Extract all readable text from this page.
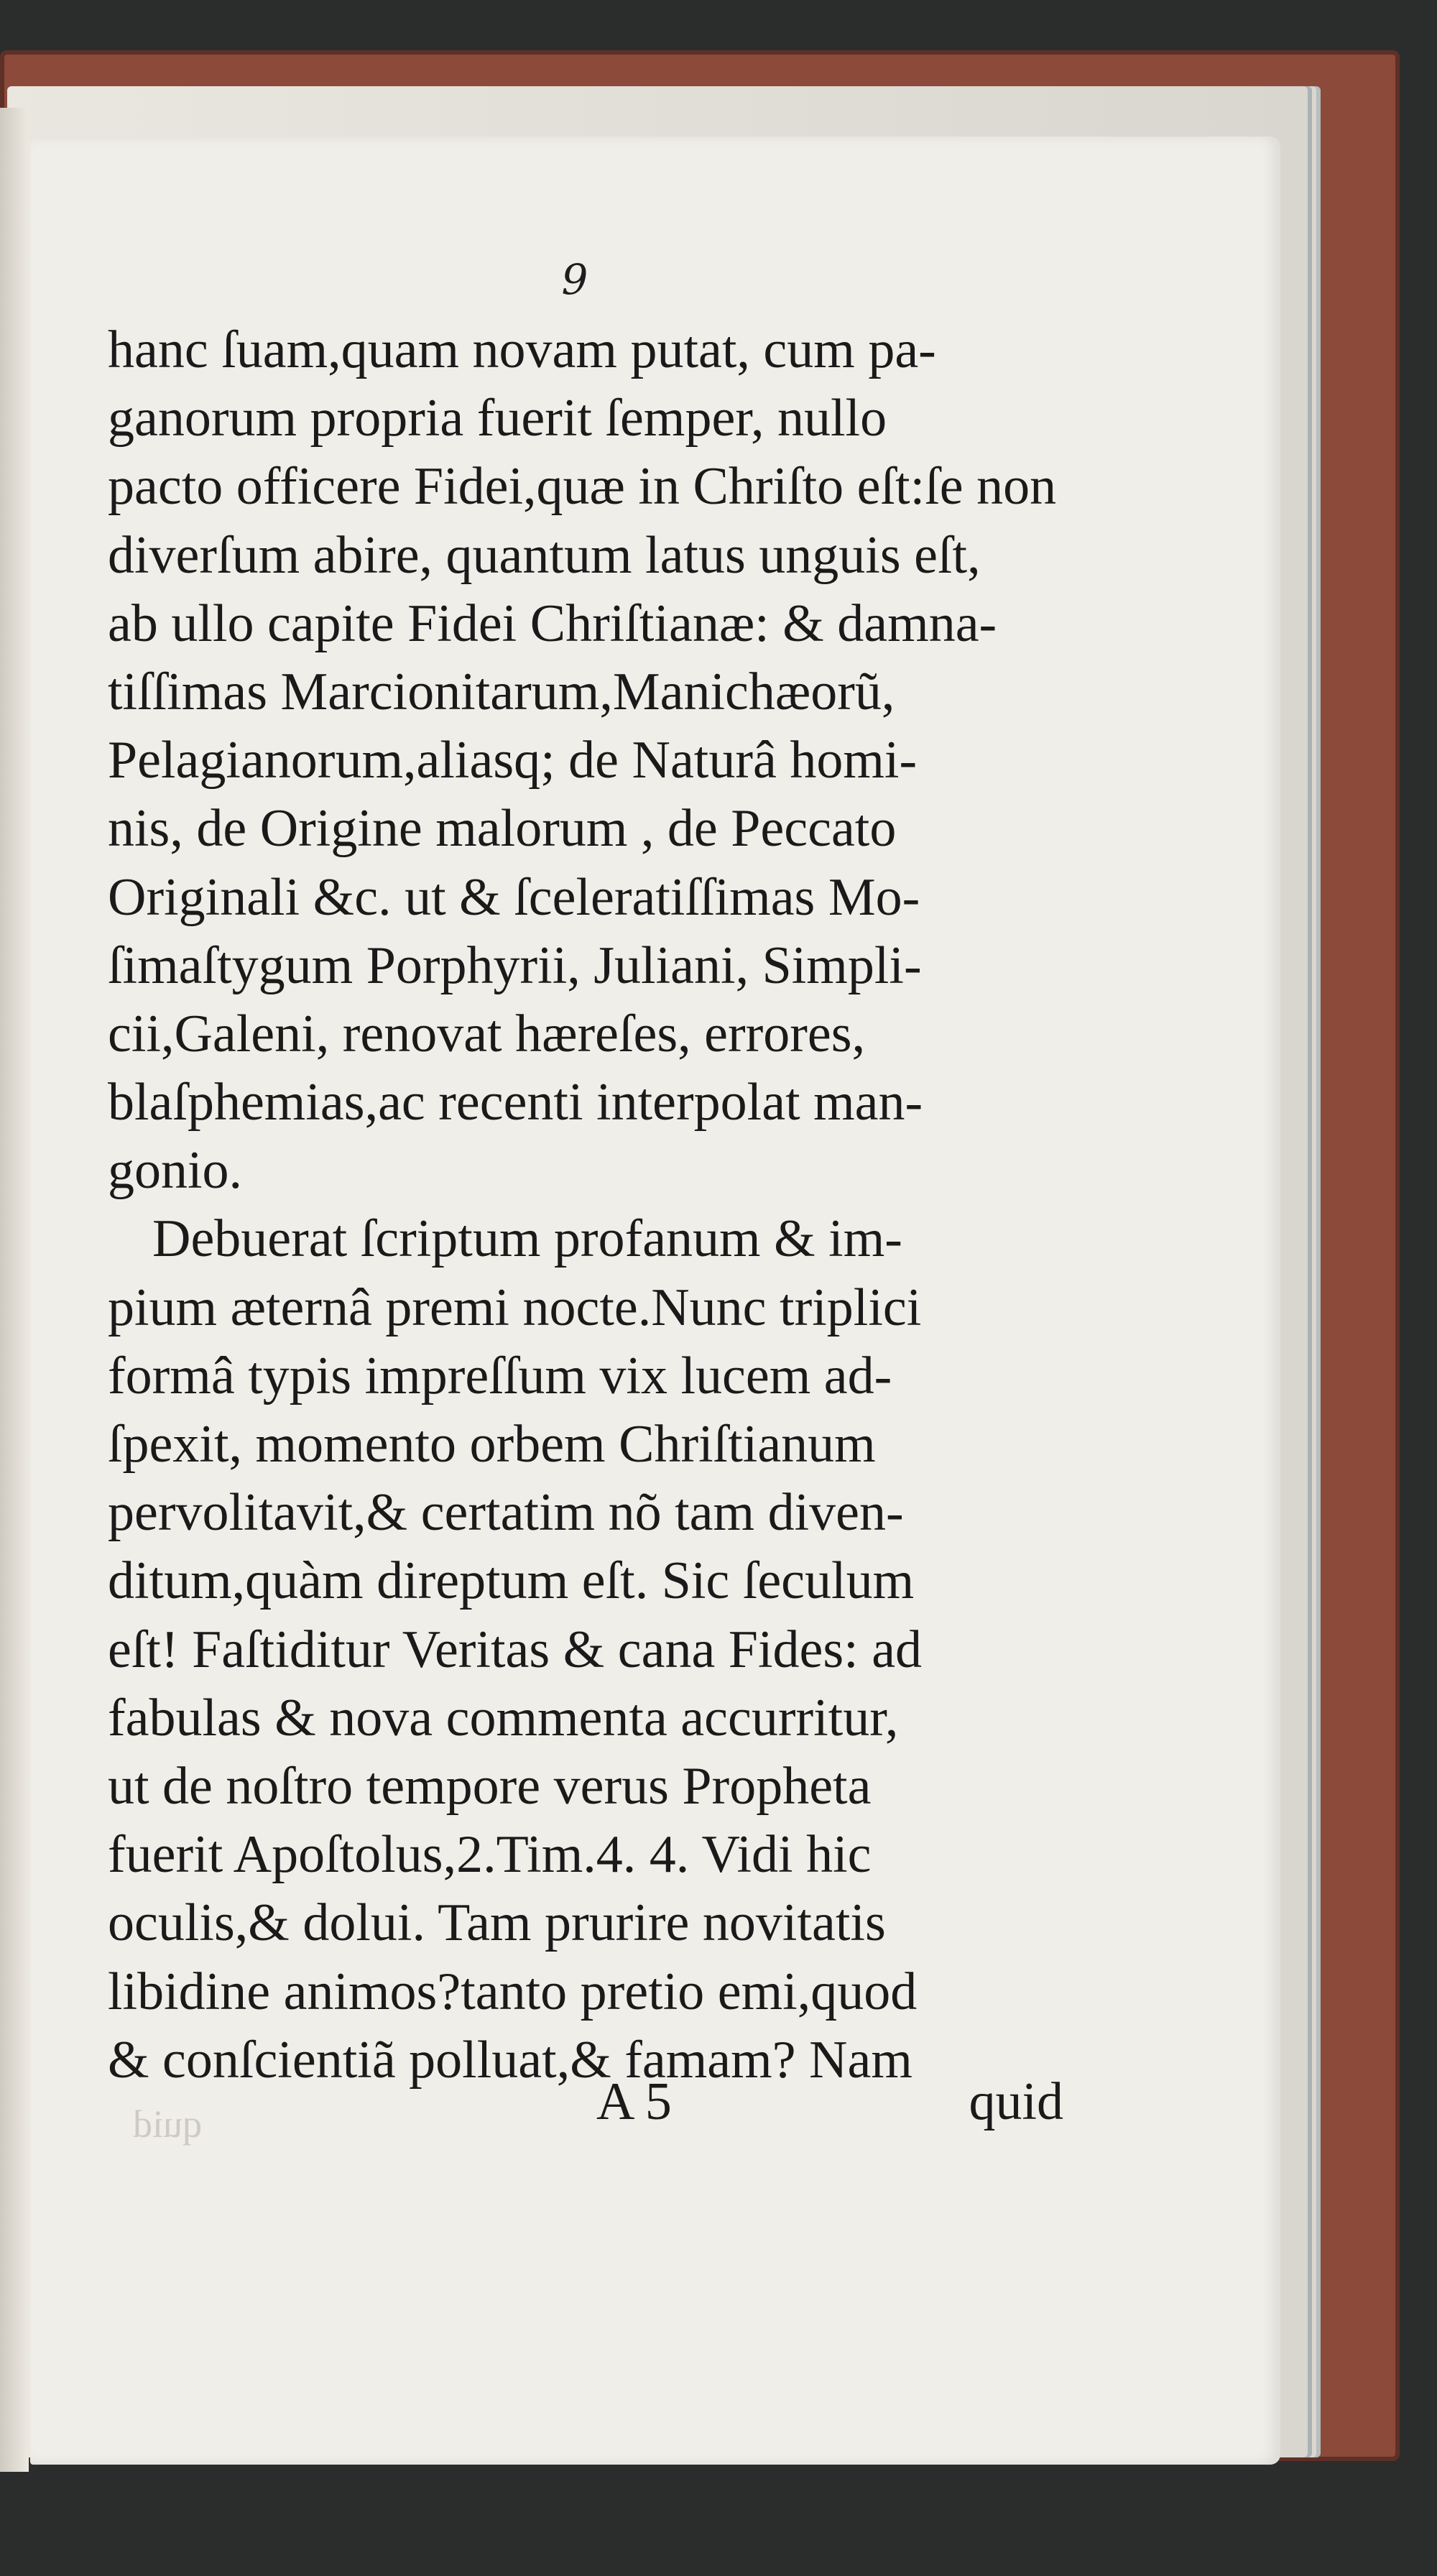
9
hanc ſuam,quam novam putat, cum pa-
ganorum propria fuerit ſemper, nullo
pacto officere Fidei,quæ in Chriſto eſt:ſe non
diverſum abire, quantum latus unguis eſt,
ab ullo capite Fidei Chriſtianæ: & damna-
tiſſimas Marcionitarum,Manichæorũ,
Pelagianorum,aliasq; de Naturâ homi-
nis, de Origine malorum , de Peccato
Originali &c. ut & ſceleratiſſimas Mo-
ſimaſtygum Porphyrii, Juliani, Simpli-
cii,Galeni, renovat hæreſes, errores,
blaſphemias,ac recenti interpolat man-
gonio.
Debuerat ſcriptum profanum & im-
pium æternâ premi nocte.Nunc triplici
formâ typis impreſſum vix lucem ad-
ſpexit, momento orbem Chriſtianum
pervolitavit,& certatim nõ tam diven-
ditum,quàm direptum eſt. Sic ſeculum
eſt! Faſtiditur Veritas & cana Fides: ad
fabulas & nova commenta accurritur,
ut de noſtro tempore verus Propheta
fuerit Apoſtolus,2.Tim.4. 4. Vidi hic
oculis,& dolui. Tam prurire novitatis
libidine animos?tanto pretio emi,quod
& conſcientiã polluat,& famam? Nam
quid	A 5	quid
